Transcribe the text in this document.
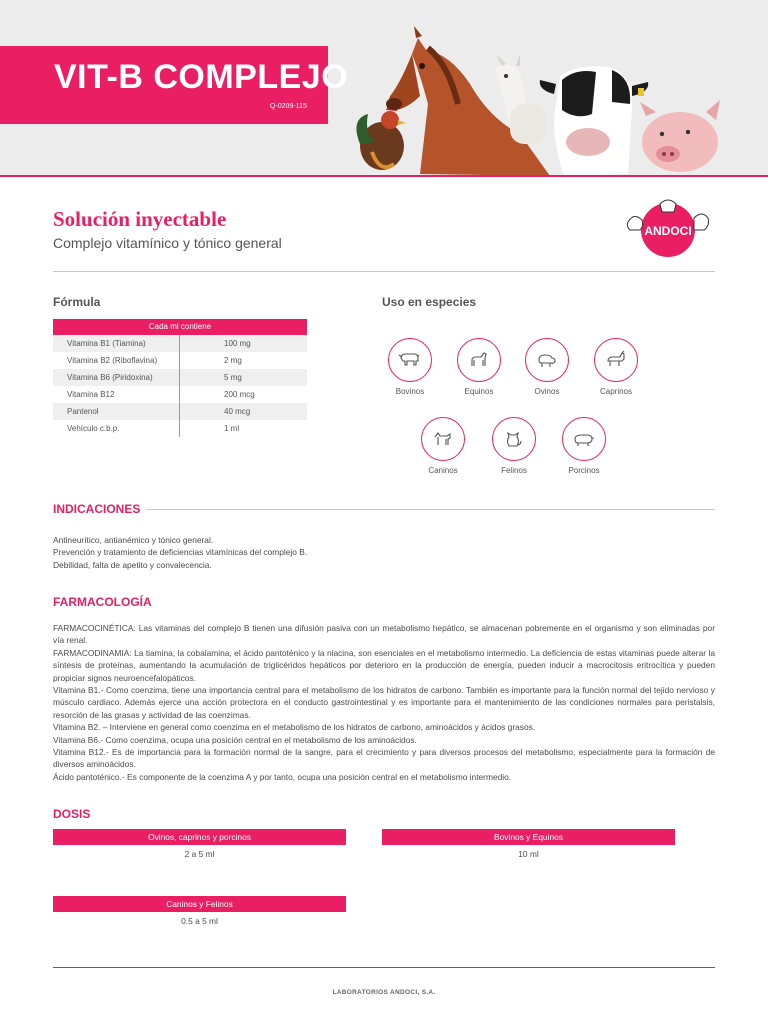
VIT-B COMPLEJO
Q-0209-115
Solución inyectable
Complejo vitamínico y tónico general
ANDOCI
Fórmula
Cada ml contiene
Vitamina B1 (Tiamina)	100 mg
Vitamina B2 (Riboflavina)	2 mg
Vitamina B6 (Piridoxina)	5 mg
Vitamina B12	200 mcg
Pantenol	40 mcg
Vehículo c.b.p.	1 ml
Uso en especies
Bovinos	Equinos	Ovinos	Caprinos
Caninos	Felinos	Porcinos
INDICACIONES
Antineurítico, antianémico y tónico general.
Prevención y tratamiento de deficiencias vitamínicas del complejo B.
Debilidad, falta de apetito y convalecencia.
FARMACOLOGÍA
FARMACOCINÉTICA: Las vitaminas del complejo B tienen una difusión pasiva con un metabolismo hepático, se almacenan pobremente en el organismo y son eliminadas por vía renal.
FARMACODINAMIA: La tiamina, la cobalamina, el ácido pantoténico y la niacina, son esenciales en el metabolismo intermedio. La deficiencia de estas vitaminas puede alterar la síntesis de proteínas, aumentando la acumulación de triglicéridos hepáticos por deterioro en la producción de energía, pueden inducir a macrocitosis eritrocítica y pueden propiciar signos neuroencefalopáticos.
Vitamina B1.- Como coenzima, tiene una importancia central para el metabolismo de los hidratos de carbono. También es importante para la función normal del tejido nervioso y músculo cardiaco. Además ejerce una acción protectora en el conducto gastrointestinal y es importante para el mantenimiento de las condiciones normales para peristalsis, resorción de las grasas y actividad de las coenzimas.
Vitamina B2. – Interviene en general como coenzima en el metabolismo de los hidratos de carbono, aminoácidos y ácidos grasos.
Vitamina B6.- Como coenzima, ocupa una posición central en el metabolismo de los aminoácidos.
Vitamina B12.- Es de importancia para la formación normal de la sangre, para el crecimiento y para diversos procesos del metabolismo, especialmente para la formación de diversos aminoácidos.
Ácido pantoténico.- Es componente de la coenzima A y por tanto, ocupa una posición central en el metabolismo intermedio.
DOSIS
Ovinos, caprinos y porcinos
2 a 5 ml
Bovinos y Equinos
10 ml
Caninos y Felinos
0.5 a 5 ml
LABORATORIOS ANDOCI, S.A.
